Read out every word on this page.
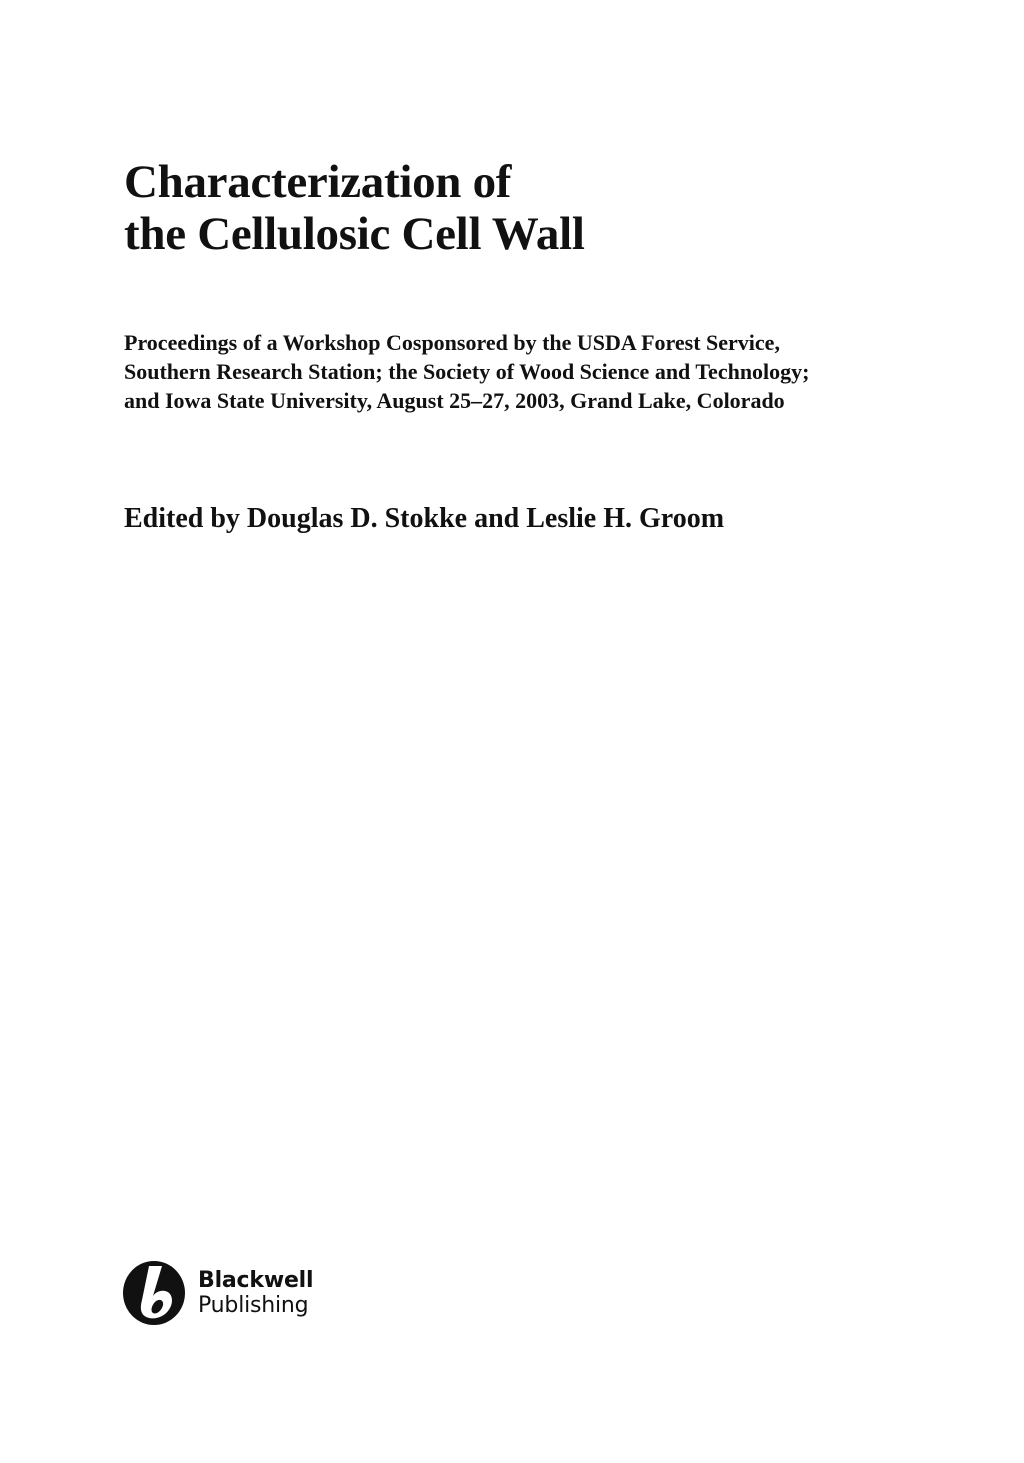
Characterization of
the Cellulosic Cell Wall
Proceedings of a Workshop Cosponsored by the USDA Forest Service,
Southern Research Station; the Society of Wood Science and Technology;
and Iowa State University, August 25–27, 2003, Grand Lake, Colorado
Edited by Douglas D. Stokke and Leslie H. Groom
Blackwell
Publishing
